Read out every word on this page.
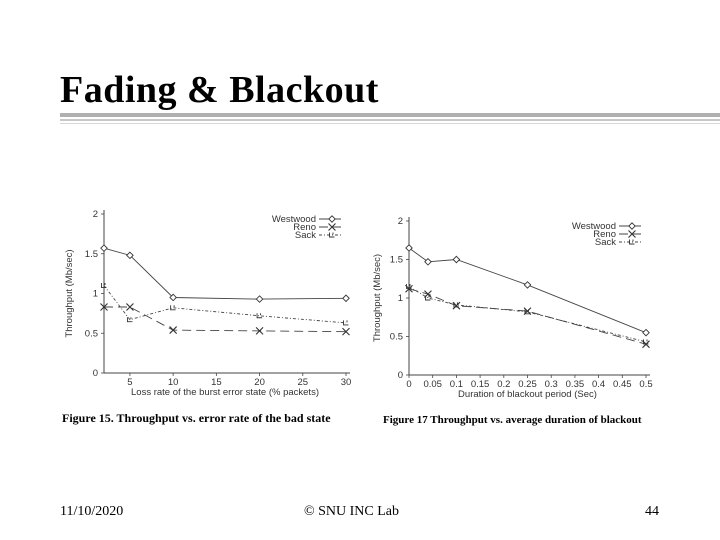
Fading & Blackout
0
0.5
1
1.5
2
5	10	15	20	25	30
Loss rate of the burst error state (% packets)
Throughput (Mb/sec)
Westwood
Reno
Sack
Figure 15. Throughput vs. error rate of the bad state
0
0.5
1
1.5
2
0 0.05 0.1 0.15 0.2 0.25 0.3 0.35 0.4 0.45 0.5
Duration of blackout period (Sec)
Throughput (Mb/sec)
Westwood
Reno
Sack
Figure 17 Throughput vs. average duration of blackout
11/10/2020	© SNU INC Lab	44
